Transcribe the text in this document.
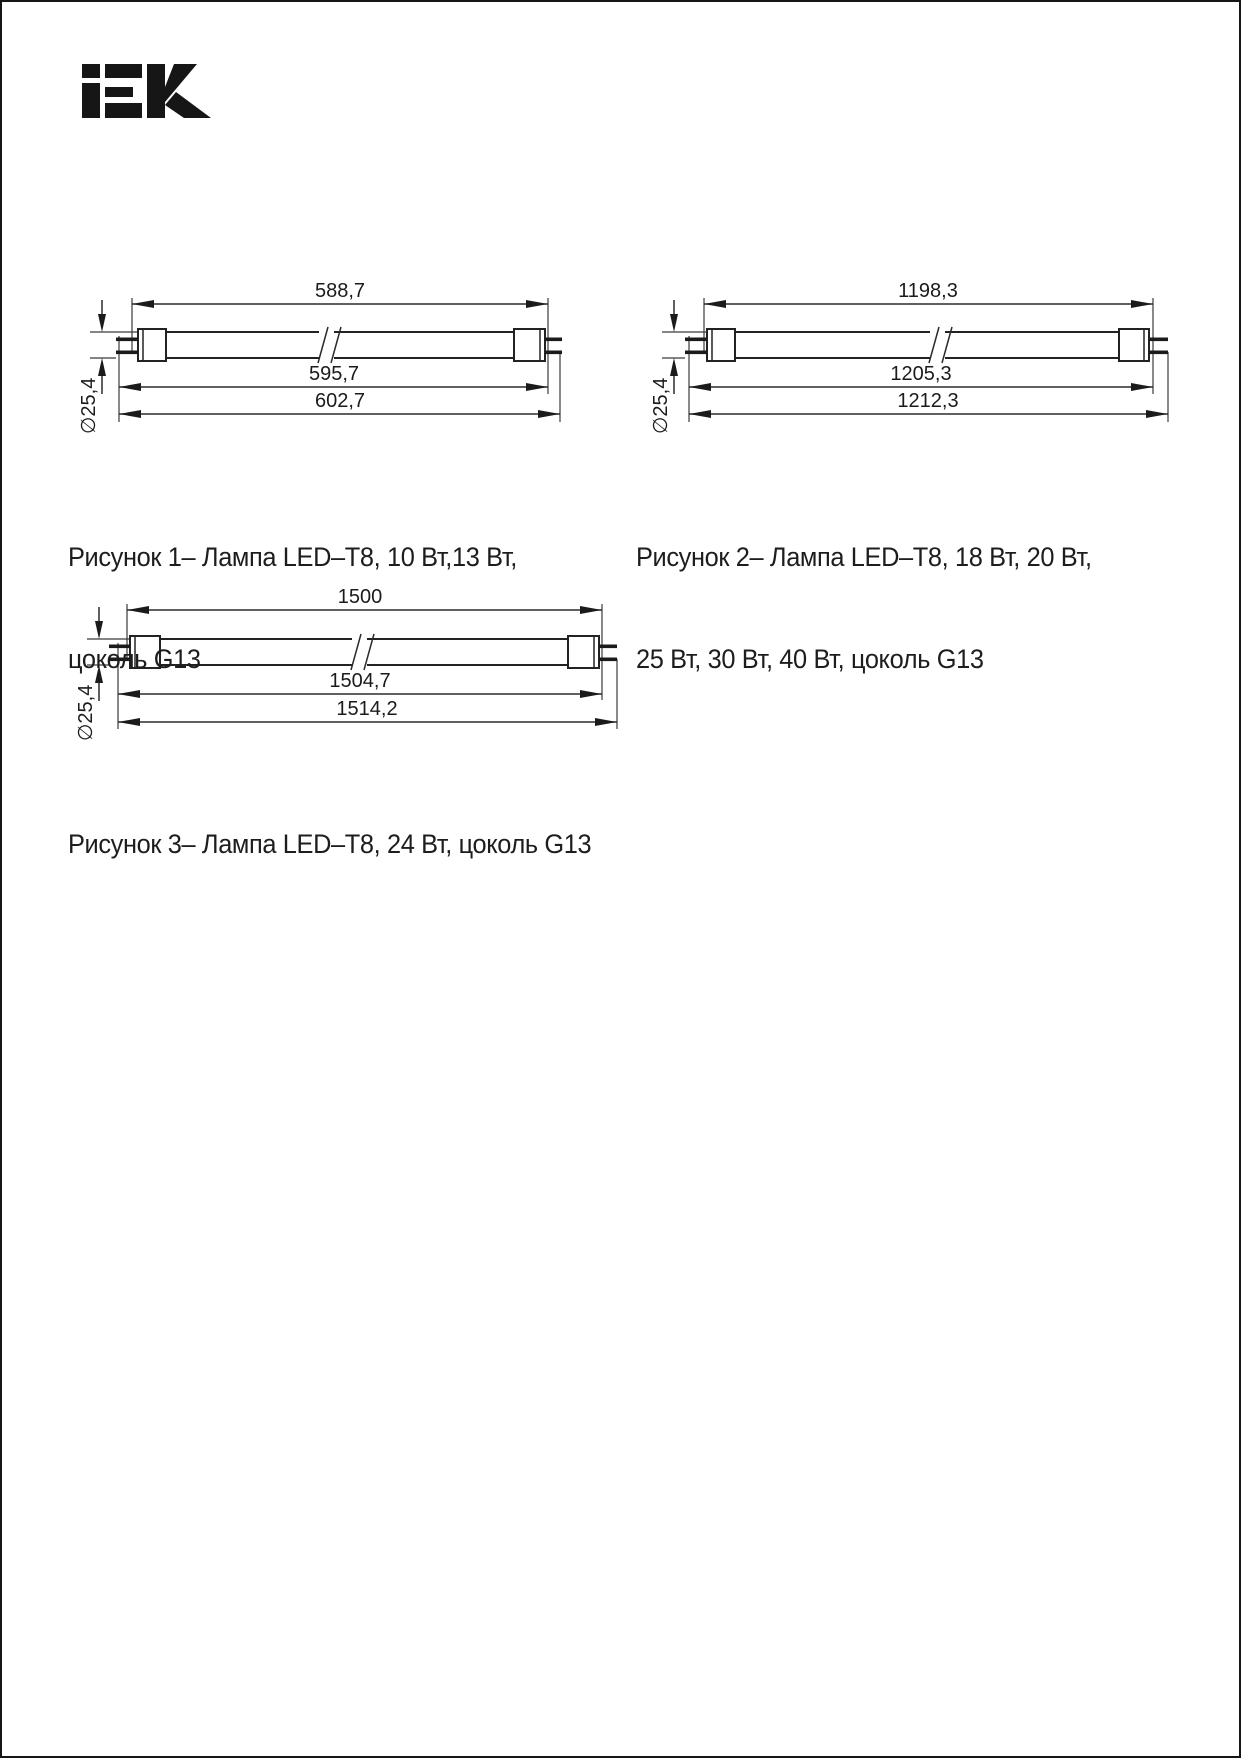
588,7
∅25,4
595,7
602,7
1198,3
∅25,4
1205,3
1212,3
1500
∅25,4
1504,7
1514,2

Рисунок 1– Лампа LED–T8, 10 Вт,13 Вт,

цоколь G13

Рисунок 2– Лампа LED–T8, 18 Вт, 20 Вт,

25 Вт, 30 Вт, 40 Вт, цоколь G13

Рисунок 3– Лампа LED–T8, 24 Вт, цоколь G13
